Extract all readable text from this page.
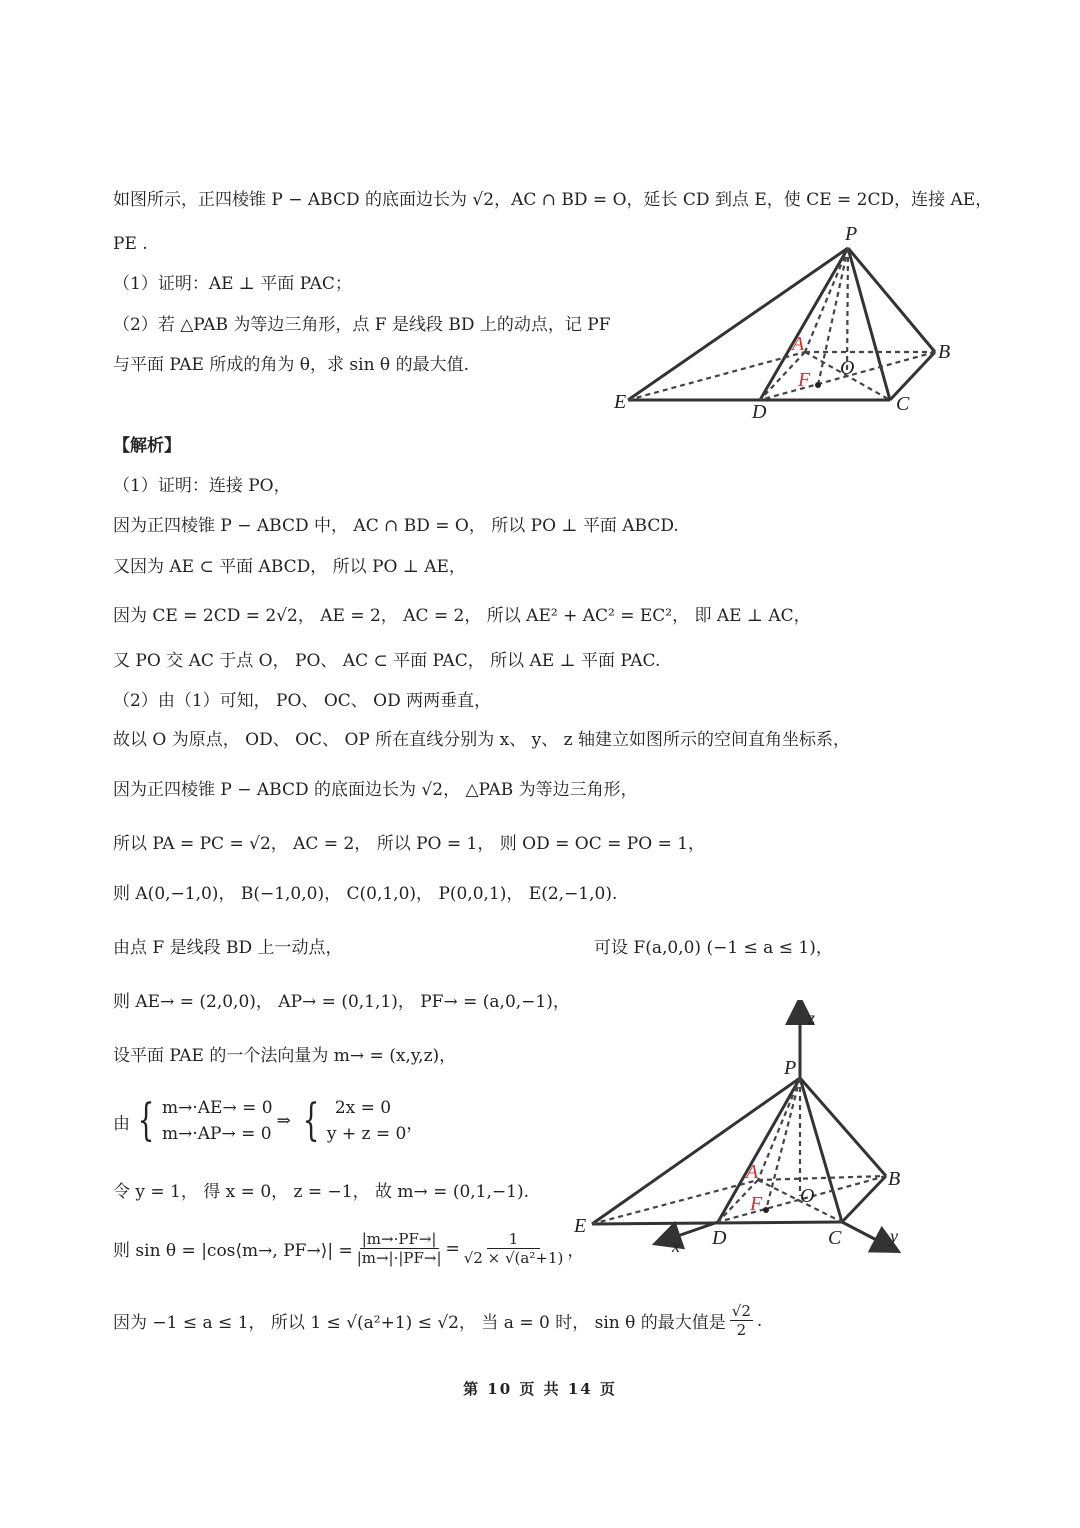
如图所示，正四棱锥 P − ABCD 的底面边长为 √2，AC ∩ BD = O，延长 CD 到点 E，使 CE = 2CD，连接 AE，
PE .
（1）证明：AE ⊥ 平面 PAC；
（2）若 △PAB 为等边三角形，点 F 是线段 BD 上的动点，记 PF
与平面 PAE 所成的角为 θ，求 sin θ 的最大值.
P
A	B
O
F
E	D	C
【解析】
（1）证明：连接 PO，
因为正四棱锥 P − ABCD 中， AC ∩ BD = O， 所以 PO ⊥ 平面 ABCD.
又因为 AE ⊂ 平面 ABCD， 所以 PO ⊥ AE，
因为 CE = 2CD = 2√2， AE = 2， AC = 2， 所以 AE² + AC² = EC²， 即 AE ⊥ AC，
又 PO 交 AC 于点 O， PO、 AC ⊂ 平面 PAC， 所以 AE ⊥ 平面 PAC.
（2）由（1）可知， PO、 OC、 OD 两两垂直，
故以 O 为原点， OD、 OC、 OP 所在直线分别为 x、 y、 z 轴建立如图所示的空间直角坐标系，
因为正四棱锥 P − ABCD 的底面边长为 √2， △PAB 为等边三角形，
所以 PA = PC = √2， AC = 2， 所以 PO = 1， 则 OD = OC = PO = 1，
则 A(0,−1,0)， B(−1,0,0)， C(0,1,0)， P(0,0,1)， E(2,−1,0).
由点 F 是线段 BD 上一动点，	可设 F(a,0,0) (−1 ≤ a ≤ 1)，
则 AE→ = (2,0,0)， AP→ = (0,1,1)， PF→ = (a,0,−1)，
设平面 PAE 的一个法向量为 m→ = (x,y,z)，
由 { m→·AE→ = 0
m→·AP→ = 0
⇒ { 2x = 0
y + z = 0
，
令 y = 1， 得 x = 0， z = −1， 故 m→ = (0,1,−1).
则 sin θ = |cos⟨m→, PF→⟩| = $\frac{|m\to\cdot PF\to|}{|m\to|\cdot|PF\to|} = \frac{1}{\text{√2 × √(a²+1)}}$ ，
因为 −1 ≤ a ≤ 1， 所以 1 ≤ √(a²+1) ≤ √2， 当 a = 0 时， sin θ 的最大值是 $\frac{√2}{2}$ .
z
x	y
P
A	B
O
F
E
D	C
第 10 页 共 14 页
